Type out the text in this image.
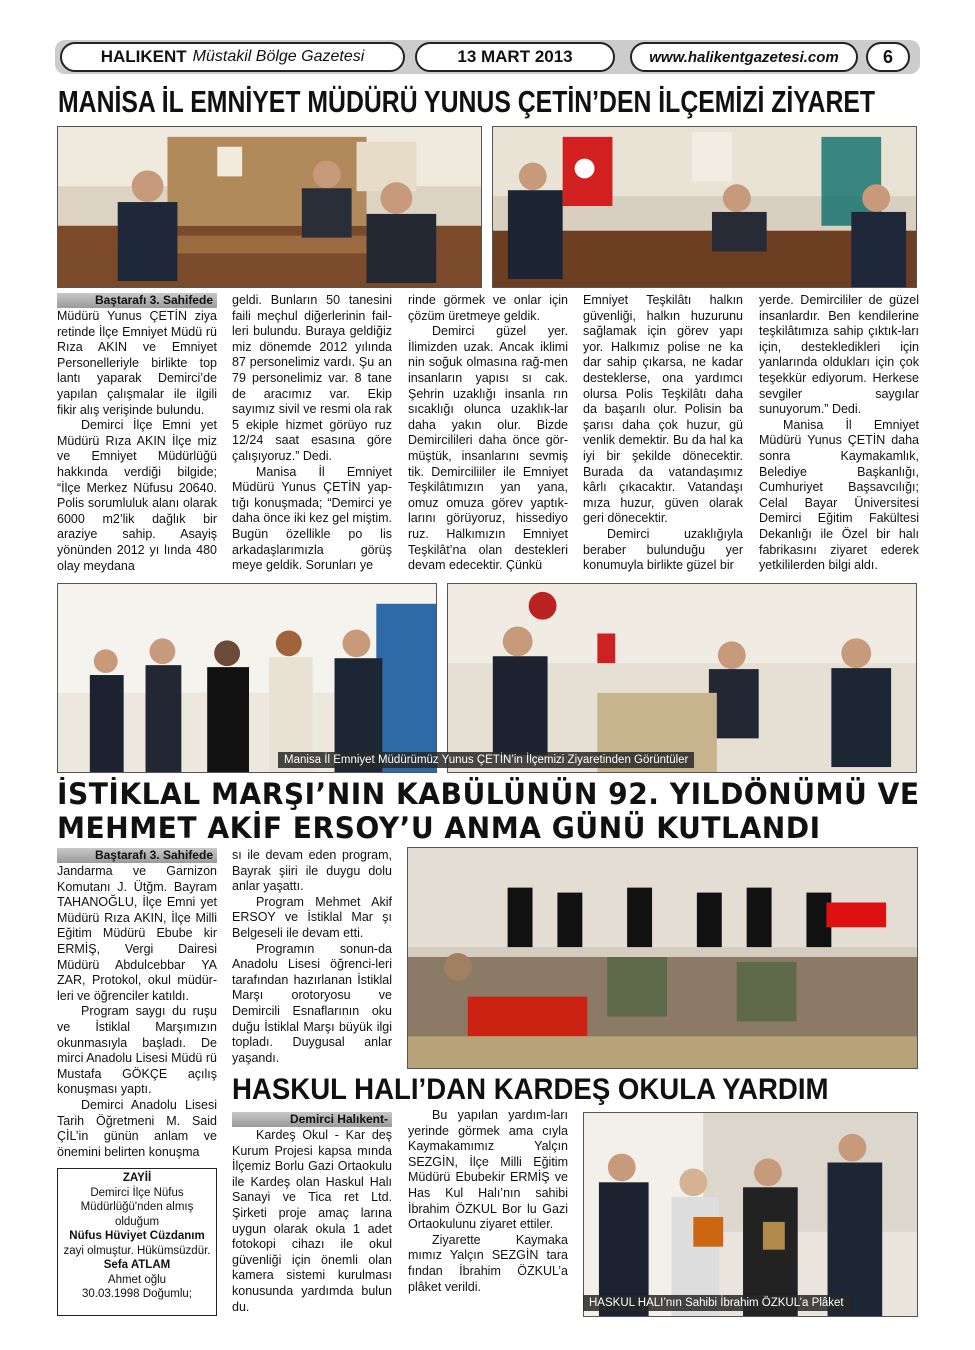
HALIKENT Müstakil Bölge Gazetesi	13 MART 2013	www.halikentgazetesi.com 6
MANİSA İL EMNİYET MÜDÜRÜ YUNUS ÇETİN’DEN İLÇEMİZİ ZİYARET
Baştarafı 3. Sahifede

Müdürü Yunus ÇETİN ziya retinde İlçe Emniyet Müdü rü Rıza AKIN ve Emniyet Personelleriyle birlikte top lantı yaparak Demirci’de yapılan çalışmalar ile ilgili fikir alış verişinde bulundu.

Demirci İlçe Emni yet Müdürü Rıza AKIN İlçe miz ve Emniyet Müdürlüğü hakkında verdiği bilgide; “İlçe Merkez Nüfusu 20640. Polis sorumluluk alanı olarak 6000 m2’lik dağlık bir araziye sahip. Asayiş yönünden 2012 yı lında 480 olay meydana

geldi. Bunların 50 tanesini faili meçhul diğerlerinin fail-leri bulundu. Buraya geldiğiz miz dönemde 2012 yılında 87 personelimiz vardı. Şu an 79 personelimiz var. 8 tane de aracımız var. Ekip sayımız sivil ve resmi ola rak 5 ekiple hizmet görüyo ruz 12/24 saat esasına göre çalışıyoruz.” Dedi.

Manisa İl Emniyet Müdürü Yunus ÇETİN yap-tığı konuşmada; “Demirci ye daha önce iki kez gel miştim. Bugün özellikle po lis arkadaşlarımızla görüş meye geldik. Sorunları ye

rinde görmek ve onlar için çözüm üretmeye geldik.

Demirci güzel yer. İlimizden uzak. Ancak iklimi nin soğuk olmasına rağ-men insanların yapısı sı cak. Şehrin uzaklığı insanla rın sıcaklığı olunca uzaklık-lar daha yakın olur. Bizde Demircilileri daha önce gör-müştük, insanlarını sevmiş tik. Demirciliiler ile Emniyet Teşkilâtımızın yan yana, omuz omuza görev yaptık-larını görüyoruz, hissediyo ruz. Halkımızın Emniyet Teşkilât’na olan destekleri devam edecektir. Çünkü

Emniyet Teşkilâtı halkın güvenliği, halkın huzurunu sağlamak için görev yapı yor. Halkımız polise ne ka dar sahip çıkarsa, ne kadar desteklerse, ona yardımcı olursa Polis Teşkilâtı daha da başarılı olur. Polisin ba şarısı daha çok huzur, gü venlik demektir. Bu da hal ka iyi bir şekilde dönecektir. Burada da vatandaşımız kârlı çıkacaktır. Vatandaşı mıza huzur, güven olarak geri dönecektir.

Demirci uzaklığıyla beraber bulunduğu yer konumuyla birlikte güzel bir

yerde. Demircililer de güzel insanlardır. Ben kendilerine teşkilâtımıza sahip çıktık-ları için, destekledikleri için yanlarında oldukları için çok teşekkür ediyorum. Herkese sevgiler saygılar sunuyorum.” Dedi.

Manisa İl Emniyet Müdürü Yunus ÇETİN daha sonra Kaymakamlık, Belediye Başkanlığı, Cumhuriyet Başsavcılığı; Celal Bayar Üniversitesi Demirci Eğitim Fakültesi Dekanlığı ile Özel bir halı fabrikasını ziyaret ederek yetkililerden bilgi aldı.

Manisa İl Emniyet Müdürümüz Yunus ÇETİN’in İlçemizi Ziyaretinden Görüntüler
İSTİKLAL MARŞI’NIN KABÜLÜNÜN 92. YILDÖNÜMÜ VE
MEHMET AKİF ERSOY’U ANMA GÜNÜ KUTLANDI
Baştarafı 3. Sahifede

Jandarma ve Garnizon Komutanı J. Ütğm. Bayram TAHANOĞLU, İlçe Emni yet Müdürü Rıza AKIN, İlçe Milli Eğitim Müdürü Ebube kir ERMİŞ, Vergi Dairesi Müdürü Abdulcebbar YA ZAR, Protokol, okul müdür-leri ve öğrenciler katıldı.

Program saygı du ruşu ve İstiklal Marşımızın okunmasıyla başladı. De mirci Anadolu Lisesi Müdü rü Mustafa GÖKÇE açılış konuşması yaptı.

Demirci Anadolu Lisesi Tarih Öğretmeni M. Said ÇİL’in günün anlam ve önemini belirten konuşma

sı ile devam eden program, Bayrak şiiri ile duygu dolu anlar yaşattı.

Program Mehmet Akif ERSOY ve İstiklal Mar şı Belgeseli ile devam etti.

Programın sonun-da Anadolu Lisesi öğrenci-leri tarafından hazırlanan İstiklal Marşı orotoryosu ve Demircili Esnaflarının oku duğu İstiklal Marşı büyük ilgi topladı. Duygusal anlar yaşandı.

ZAYİİ
Demirci İlçe Nüfus Müdürlüğü'nden almış olduğum
Nüfus Hüviyet Cüzdanım zayi olmuştur. Hükümsüzdür.
Sefa ATLAM
Ahmet oğlu
30.03.1998 Doğumlu;
HASKUL HALI’DAN KARDEŞ OKULA YARDIM
Demirci Halıkent-

Kardeş Okul - Kar deş Kurum Projesi kapsa mında İlçemiz Borlu Gazi Ortaokulu ile Kardeş olan Haskul Halı Sanayi ve Tica ret Ltd. Şirketi proje amaç larına uygun olarak okula 1 adet fotokopi cihazı ile okul güvenliği için önemli olan kamera sistemi kurulması konusunda yardımda bulun du.

Bu yapılan yardım-ları yerinde görmek ama cıyla Kaymakamımız Yalçın SEZGİN, İlçe Milli Eğitim Müdürü Ebubekir ERMİŞ ve Has Kul Halı’nın sahibi İbrahim ÖZKUL Bor lu Gazi Ortaokulunu ziyaret ettiler.

Ziyarette Kaymaka mımız Yalçın SEZGİN tara fından İbrahim ÖZKUL’a plâket verildi.

HASKUL HALI’nın Sahibi İbrahim ÖZKUL’a Plâket
